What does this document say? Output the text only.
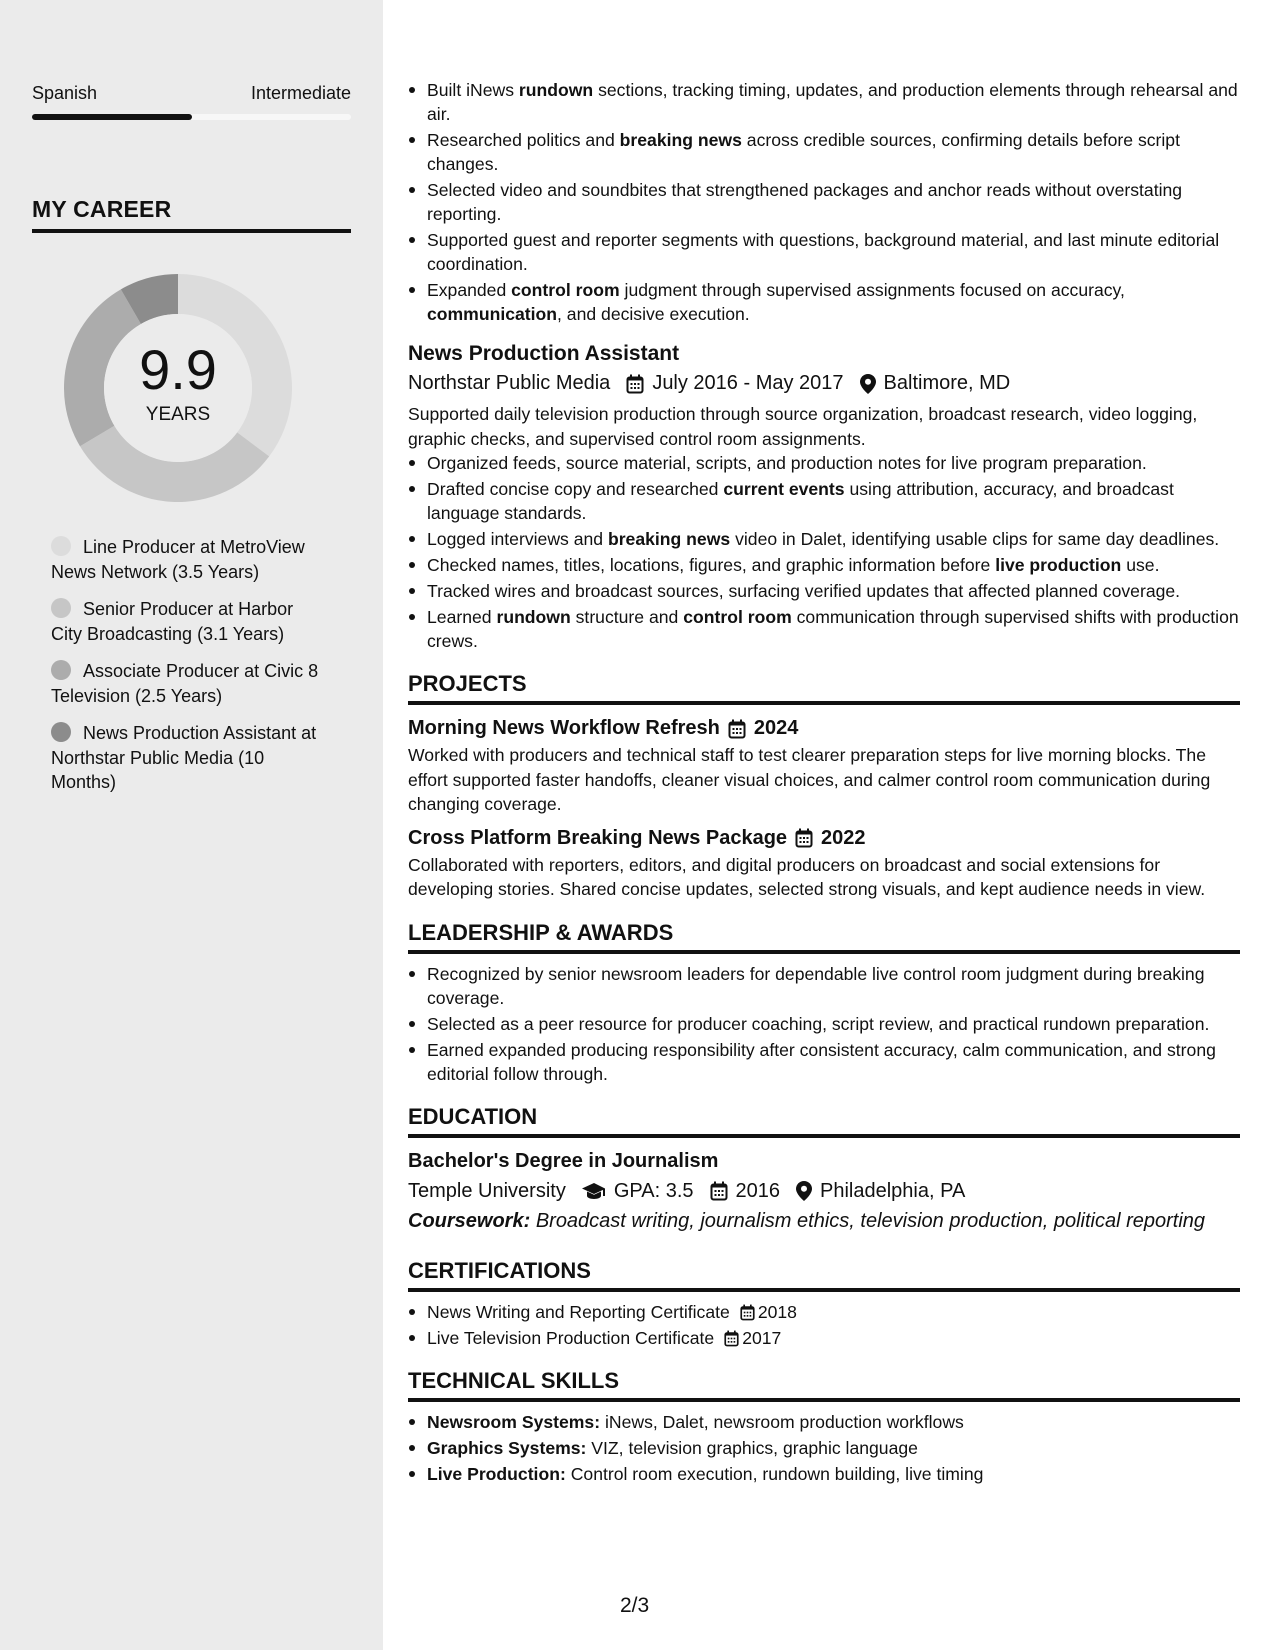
Spanish	Intermediate
MY CAREER
9.9
YEARS
Line Producer at MetroView News Network (3.5 Years)
Senior Producer at Harbor City Broadcasting (3.1 Years)
Associate Producer at Civic 8 Television (2.5 Years)
News Production Assistant at Northstar Public Media (10 Months)
Built iNews rundown sections, tracking timing, updates, and production elements through rehearsal and air.
Researched politics and breaking news across credible sources, confirming details before script changes.
Selected video and soundbites that strengthened packages and anchor reads without overstating reporting.
Supported guest and reporter segments with questions, background material, and last minute editorial coordination.
Expanded control room judgment through supervised assignments focused on accuracy, communication, and decisive execution.
News Production Assistant
Northstar Public Media July 2016 - May 2017 Baltimore, MD
Supported daily television production through source organization, broadcast research, video logging, graphic checks, and supervised control room assignments.
Organized feeds, source material, scripts, and production notes for live program preparation.
Drafted concise copy and researched current events using attribution, accuracy, and broadcast language standards.
Logged interviews and breaking news video in Dalet, identifying usable clips for same day deadlines.
Checked names, titles, locations, figures, and graphic information before live production use.
Tracked wires and broadcast sources, surfacing verified updates that affected planned coverage.
Learned rundown structure and control room communication through supervised shifts with production crews.
PROJECTS
Morning News Workflow Refresh 2024
Worked with producers and technical staff to test clearer preparation steps for live morning blocks. The effort supported faster handoffs, cleaner visual choices, and calmer control room communication during changing coverage.
Cross Platform Breaking News Package 2022
Collaborated with reporters, editors, and digital producers on broadcast and social extensions for developing stories. Shared concise updates, selected strong visuals, and kept audience needs in view.
LEADERSHIP & AWARDS
Recognized by senior newsroom leaders for dependable live control room judgment during breaking coverage.
Selected as a peer resource for producer coaching, script review, and practical rundown preparation.
Earned expanded producing responsibility after consistent accuracy, calm communication, and strong editorial follow through.
EDUCATION
Bachelor's Degree in Journalism
Temple University GPA: 3.5 2016 Philadelphia, PA
Coursework: Broadcast writing, journalism ethics, television production, political reporting
CERTIFICATIONS
News Writing and Reporting Certificate 2018
Live Television Production Certificate 2017
TECHNICAL SKILLS
Newsroom Systems: iNews, Dalet, newsroom production workflows
Graphics Systems: VIZ, television graphics, graphic language
Live Production: Control room execution, rundown building, live timing
2/3
